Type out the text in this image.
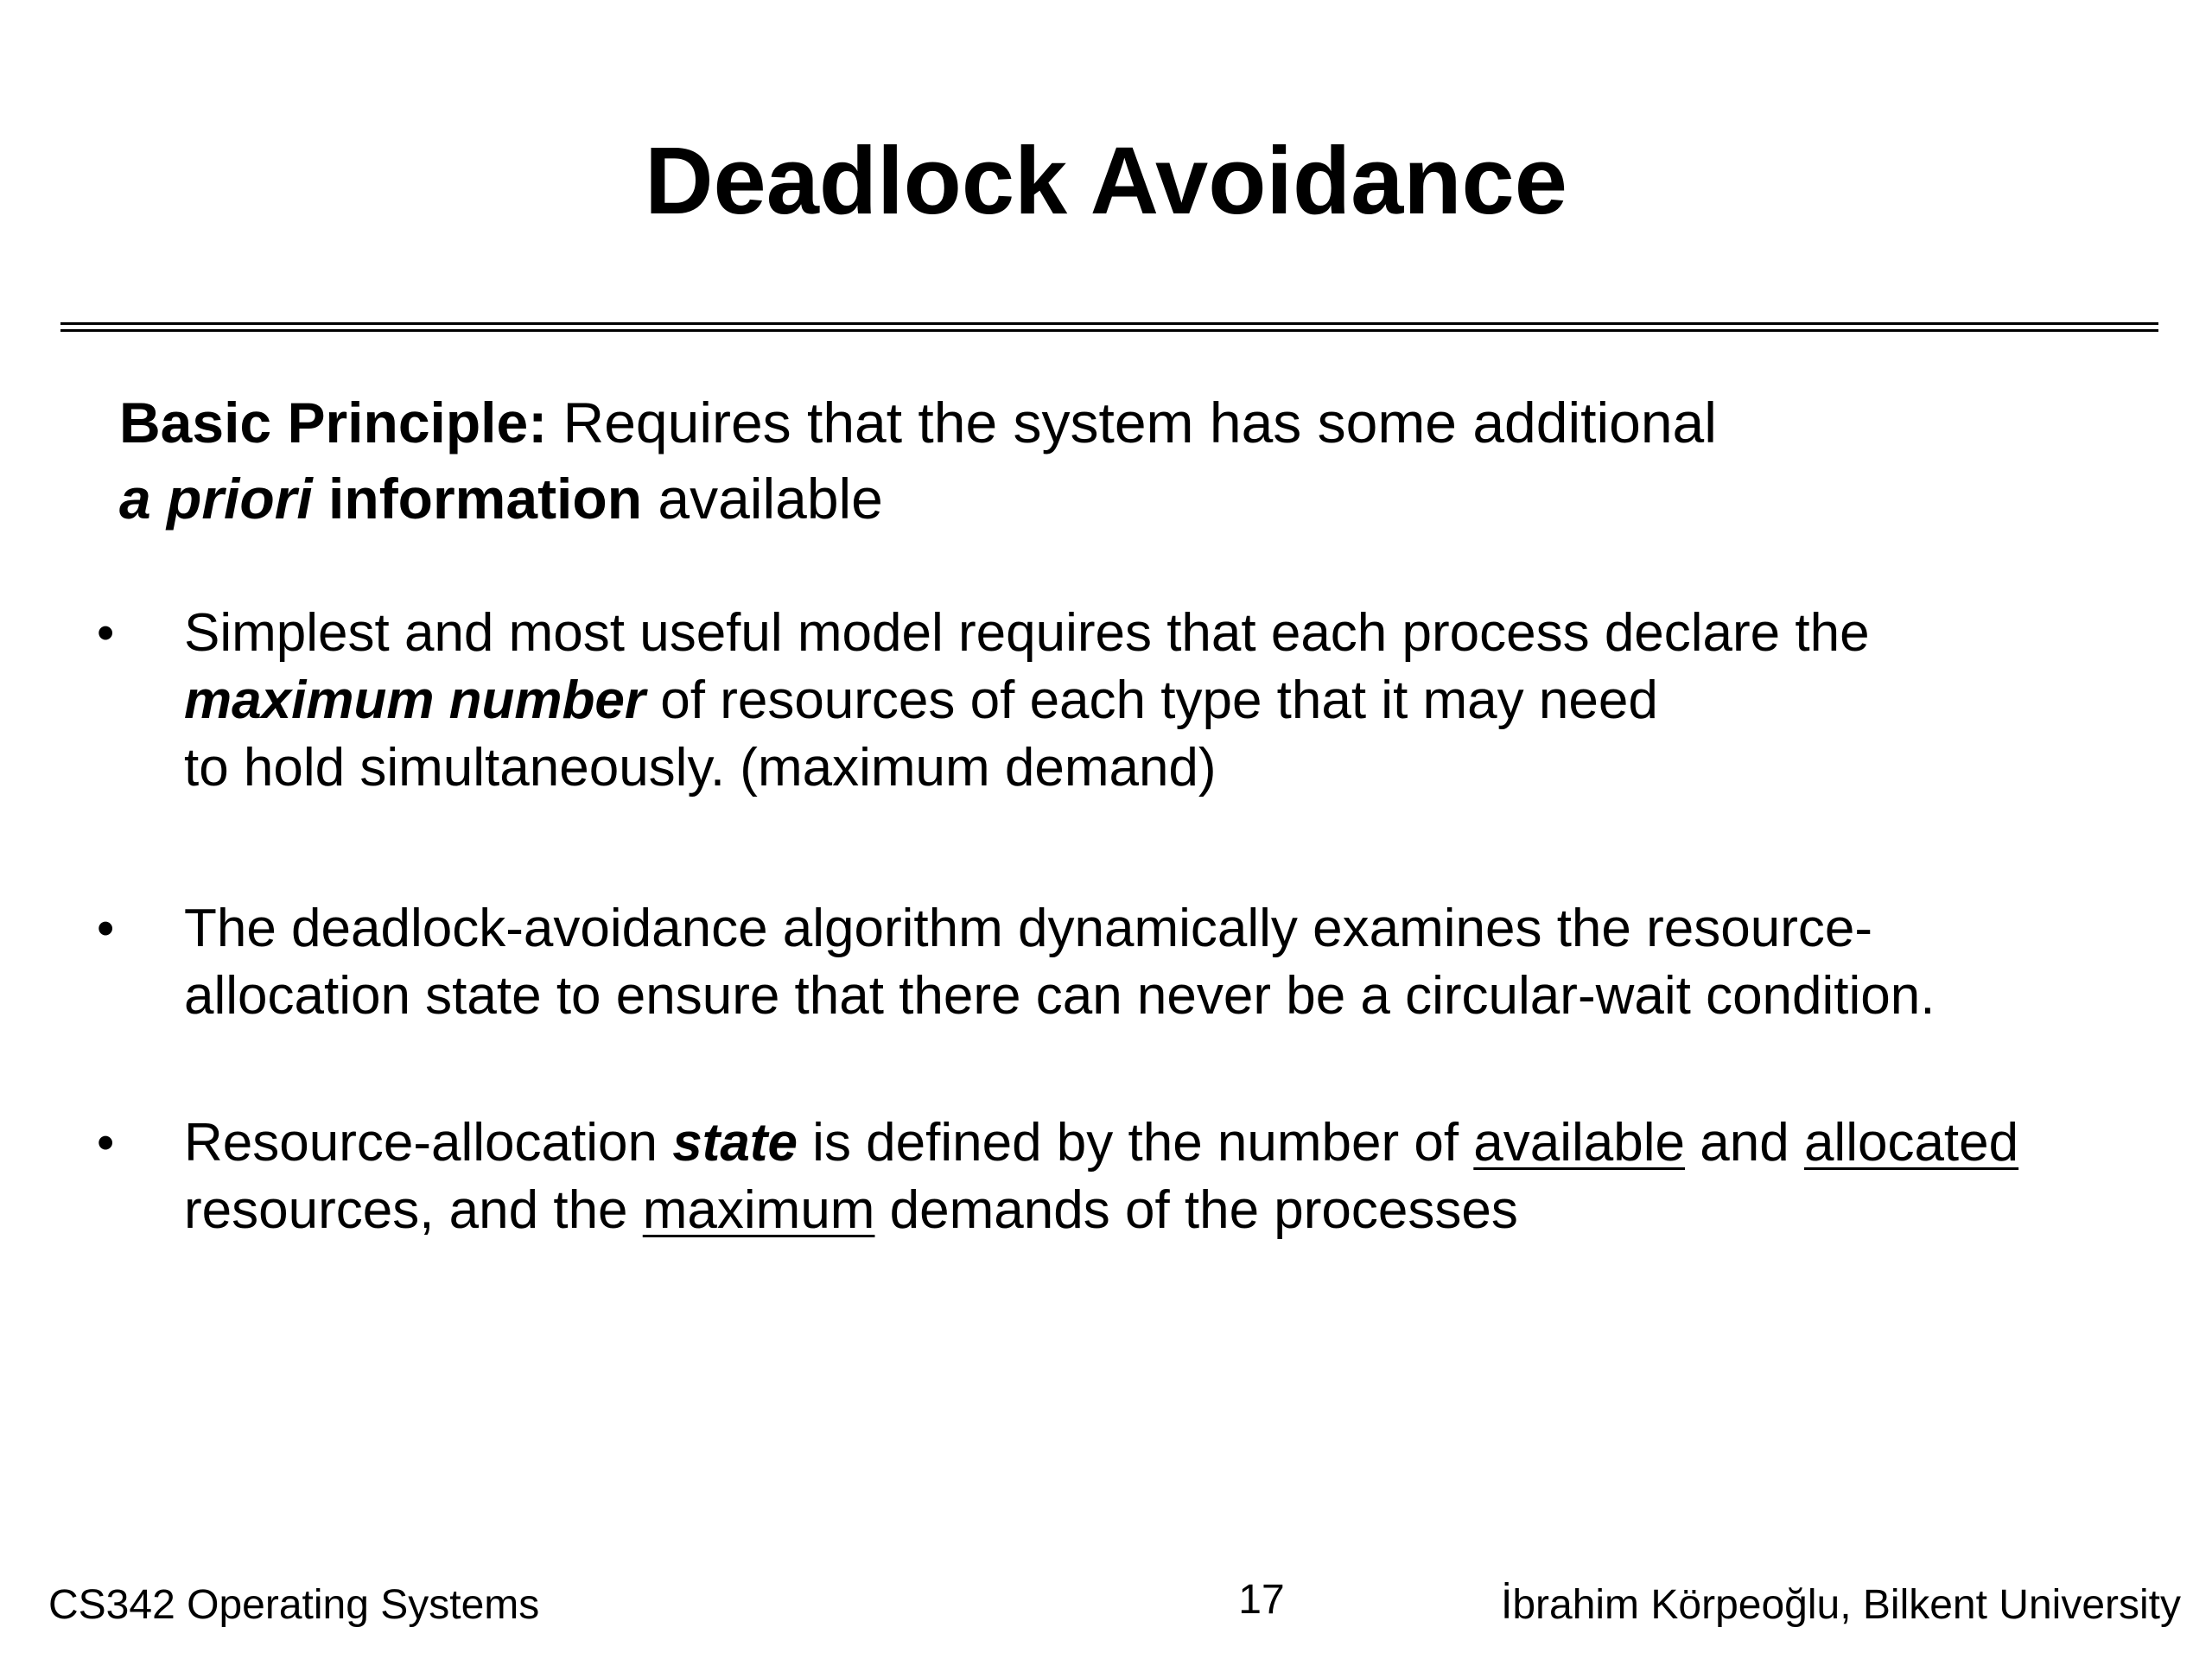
Deadlock Avoidance
Basic Principle: Requires that the system has some additional
a priori information available
• Simplest and most useful model requires that each process declare the
maximum number of resources of each type that it may need
to hold simultaneously. (maximum demand)
• The deadlock-avoidance algorithm dynamically examines the resource-
allocation state to ensure that there can never be a circular-wait condition.
• Resource-allocation state is defined by the number of available and allocated
resources, and the maximum demands of the processes
CS342 Operating Systems	17	İbrahim Körpeoğlu, Bilkent University
